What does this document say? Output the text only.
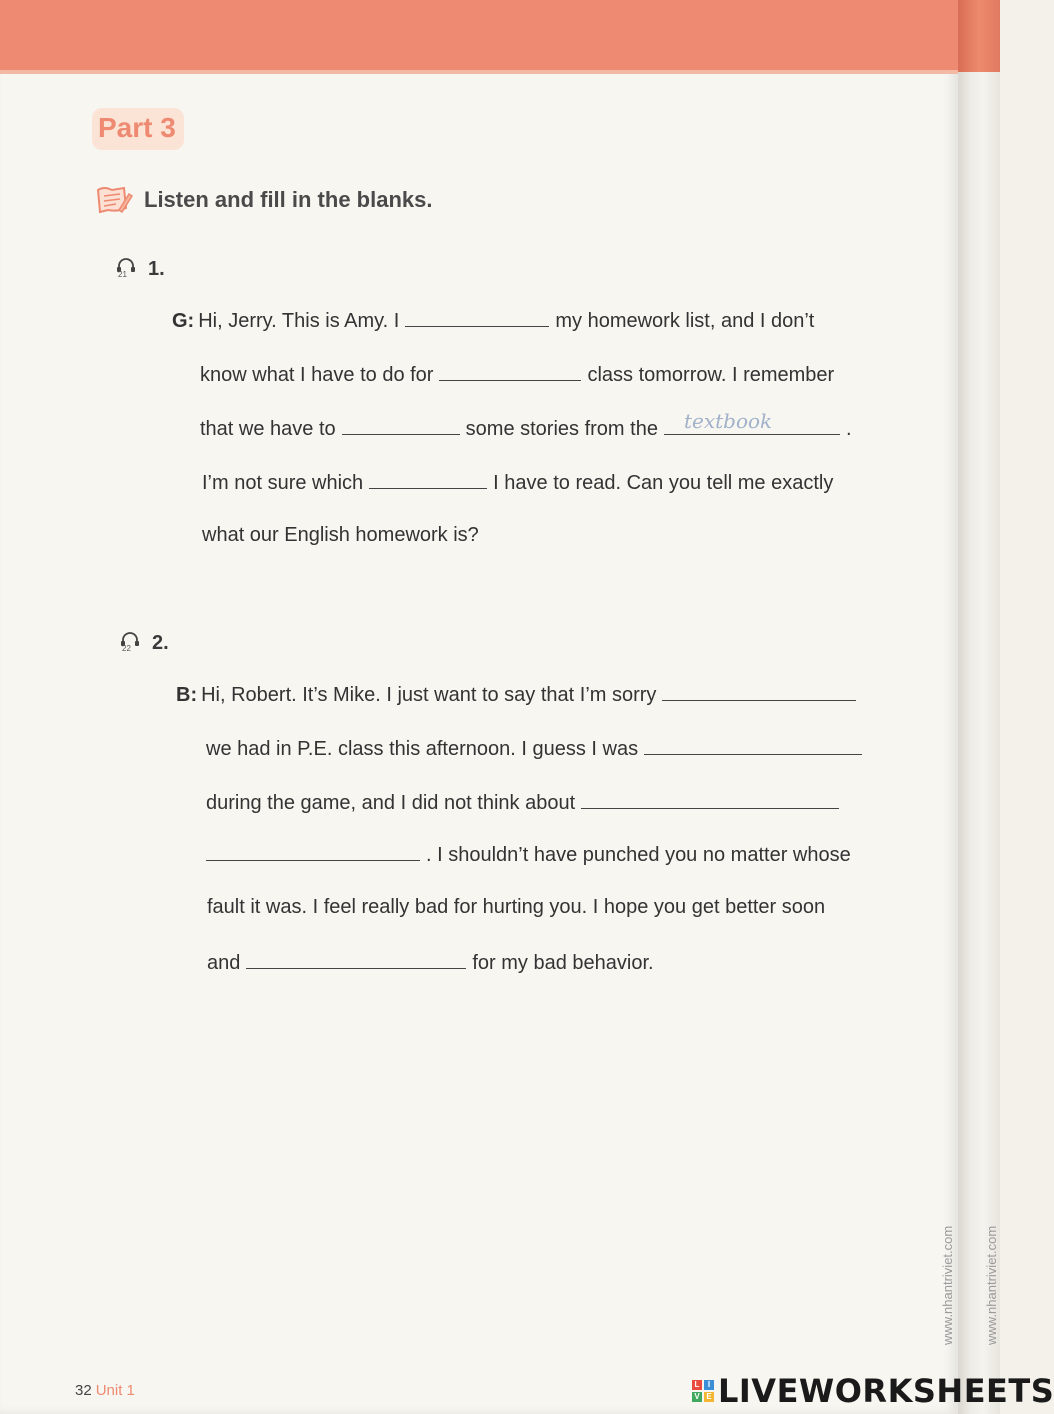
Part 3
Listen and fill in the blanks.
21 1.
G: Hi, Jerry. This is Amy. I	my homework list, and I don’t
know what I have to do for	class tomorrow. I remember
that we have to	some stories from the textbook	.
I’m not sure which	I have to read. Can you tell me exactly
what our English homework is?
22 2.
B: Hi, Robert. It’s Mike. I just want to say that I’m sorry
we had in P.E. class this afternoon. I guess I was
during the game, and I did not think about
. I shouldn’t have punched you no matter whose
fault it was. I feel really bad for hurting you. I hope you get better soon
and	for my bad behavior.
32 Unit 1
www.nhantriviet.com www.nhantriviet.com
L	I
V E LIVEWORKSHEETS
